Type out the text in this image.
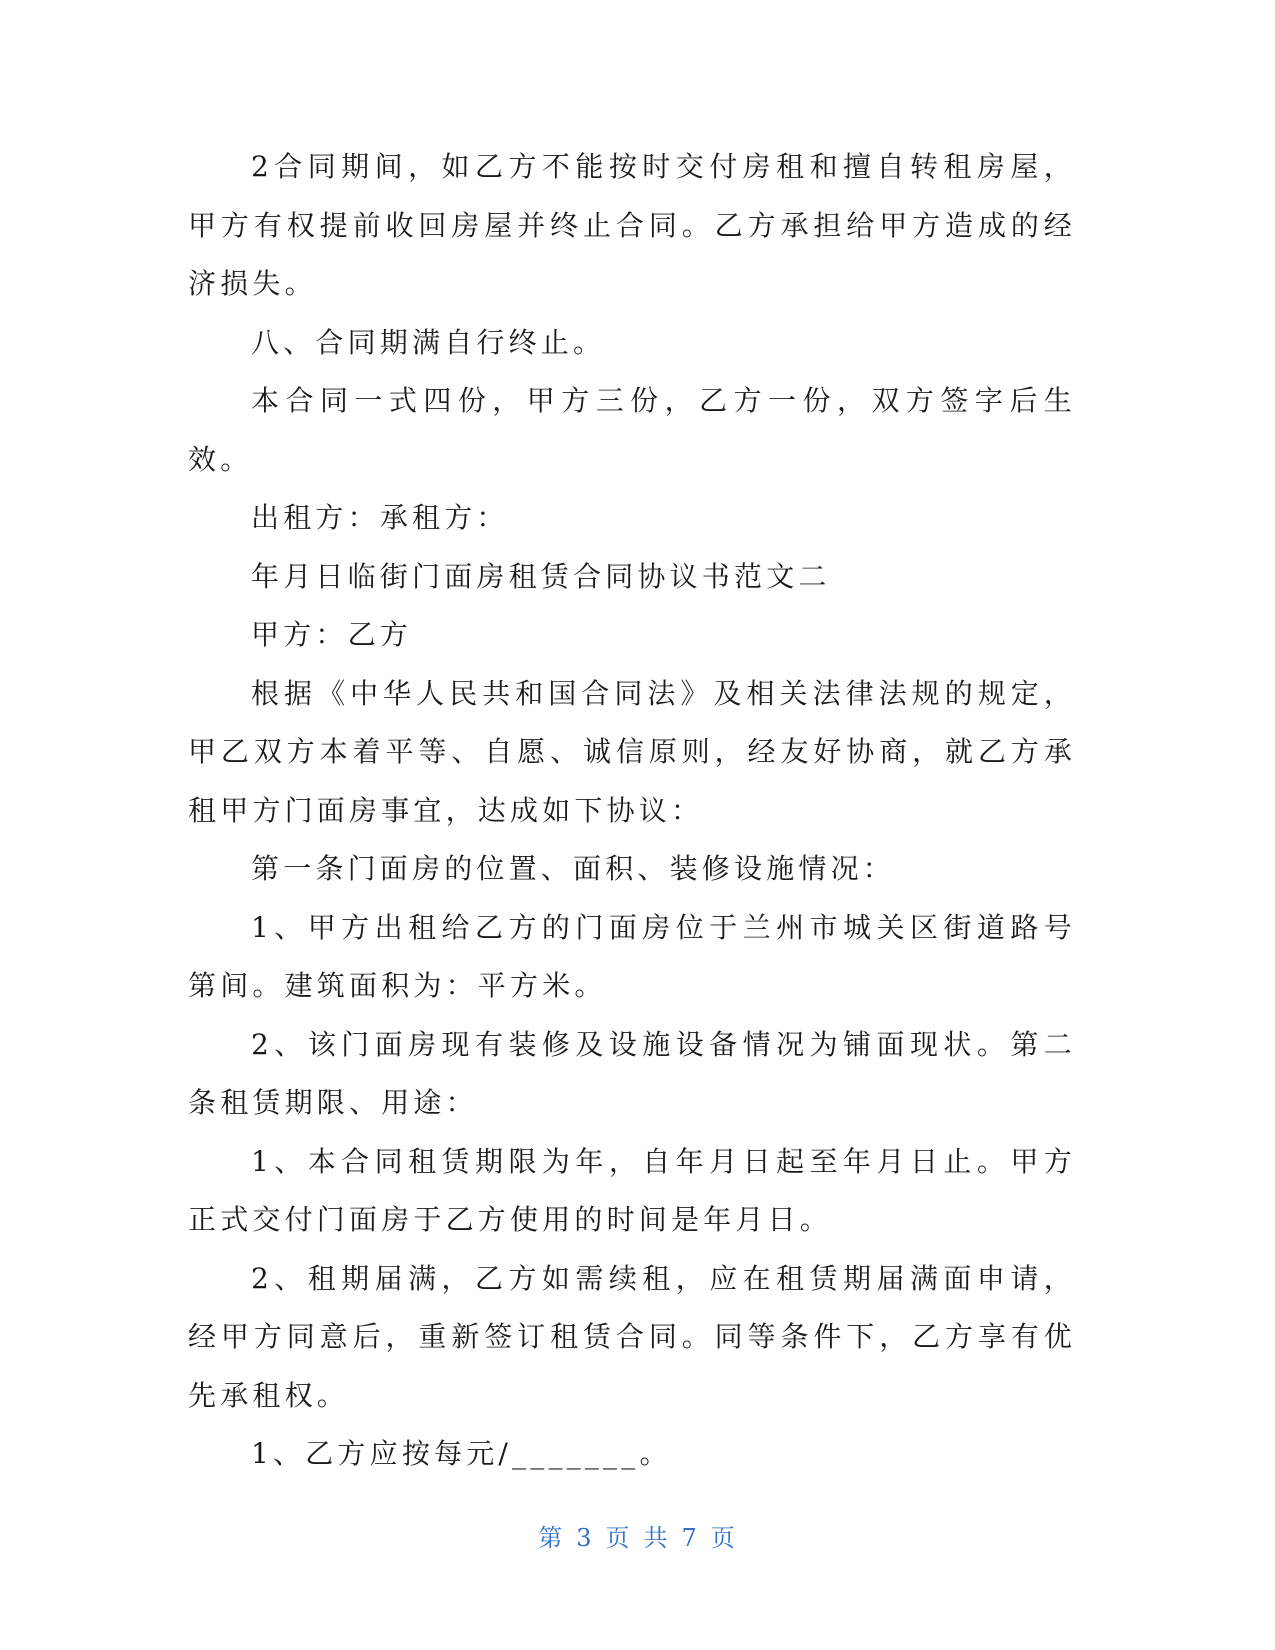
2合同期间，如乙方不能按时交付房租和擅自转租房屋，甲方有权提前收回房屋并终止合同。乙方承担给甲方造成的经济损失。

八、合同期满自行终止。

本合同一式四份，甲方三份，乙方一份，双方签字后生效。

出租方：承租方：

年月日临街门面房租赁合同协议书范文二

甲方：乙方

根据《中华人民共和国合同法》及相关法律法规的规定，甲乙双方本着平等、自愿、诚信原则，经友好协商，就乙方承租甲方门面房事宜，达成如下协议：

第一条门面房的位置、面积、装修设施情况：

1、甲方出租给乙方的门面房位于兰州市城关区街道路号第间。建筑面积为：平方米。

2、该门面房现有装修及设施设备情况为铺面现状。第二条租赁期限、用途：

1、本合同租赁期限为年，自年月日起至年月日止。甲方正式交付门面房于乙方使用的时间是年月日。

2、租期届满，乙方如需续租，应在租赁期届满面申请，经甲方同意后，重新签订租赁合同。同等条件下，乙方享有优先承租权。

1、乙方应按每元/_______。

第 3 页 共 7 页
